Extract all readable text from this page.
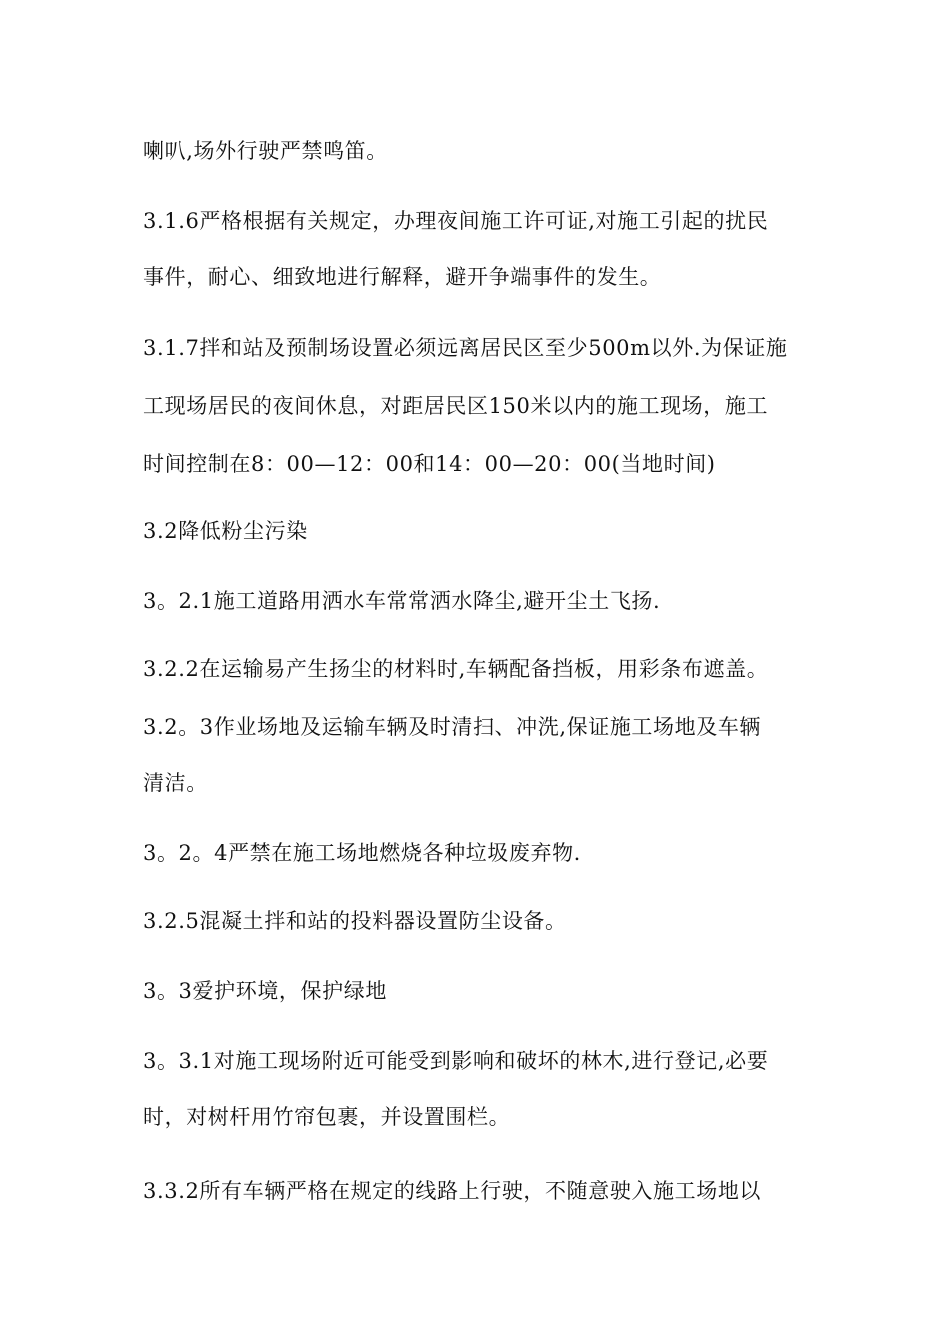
喇叭,场外行驶严禁鸣笛。
3.1.6严格根据有关规定，办理夜间施工许可证,对施工引起的扰民
事件，耐心、细致地进行解释，避开争端事件的发生。
3.1.7拌和站及预制场设置必须远离居民区至少500m以外.为保证施
工现场居民的夜间休息，对距居民区150米以内的施工现场，施工
时间控制在8：00—12：00和14：00—20：00(当地时间)
3.2降低粉尘污染
3。2.1施工道路用洒水车常常洒水降尘,避开尘土飞扬.
3.2.2在运输易产生扬尘的材料时,车辆配备挡板，用彩条布遮盖。
3.2。3作业场地及运输车辆及时清扫、冲洗,保证施工场地及车辆
清洁。
3。2。4严禁在施工场地燃烧各种垃圾废弃物.
3.2.5混凝土拌和站的投料器设置防尘设备。
3。3爱护环境，保护绿地
3。3.1对施工现场附近可能受到影响和破坏的林木,进行登记,必要
时，对树杆用竹帘包裹，并设置围栏。
3.3.2所有车辆严格在规定的线路上行驶，不随意驶入施工场地以
